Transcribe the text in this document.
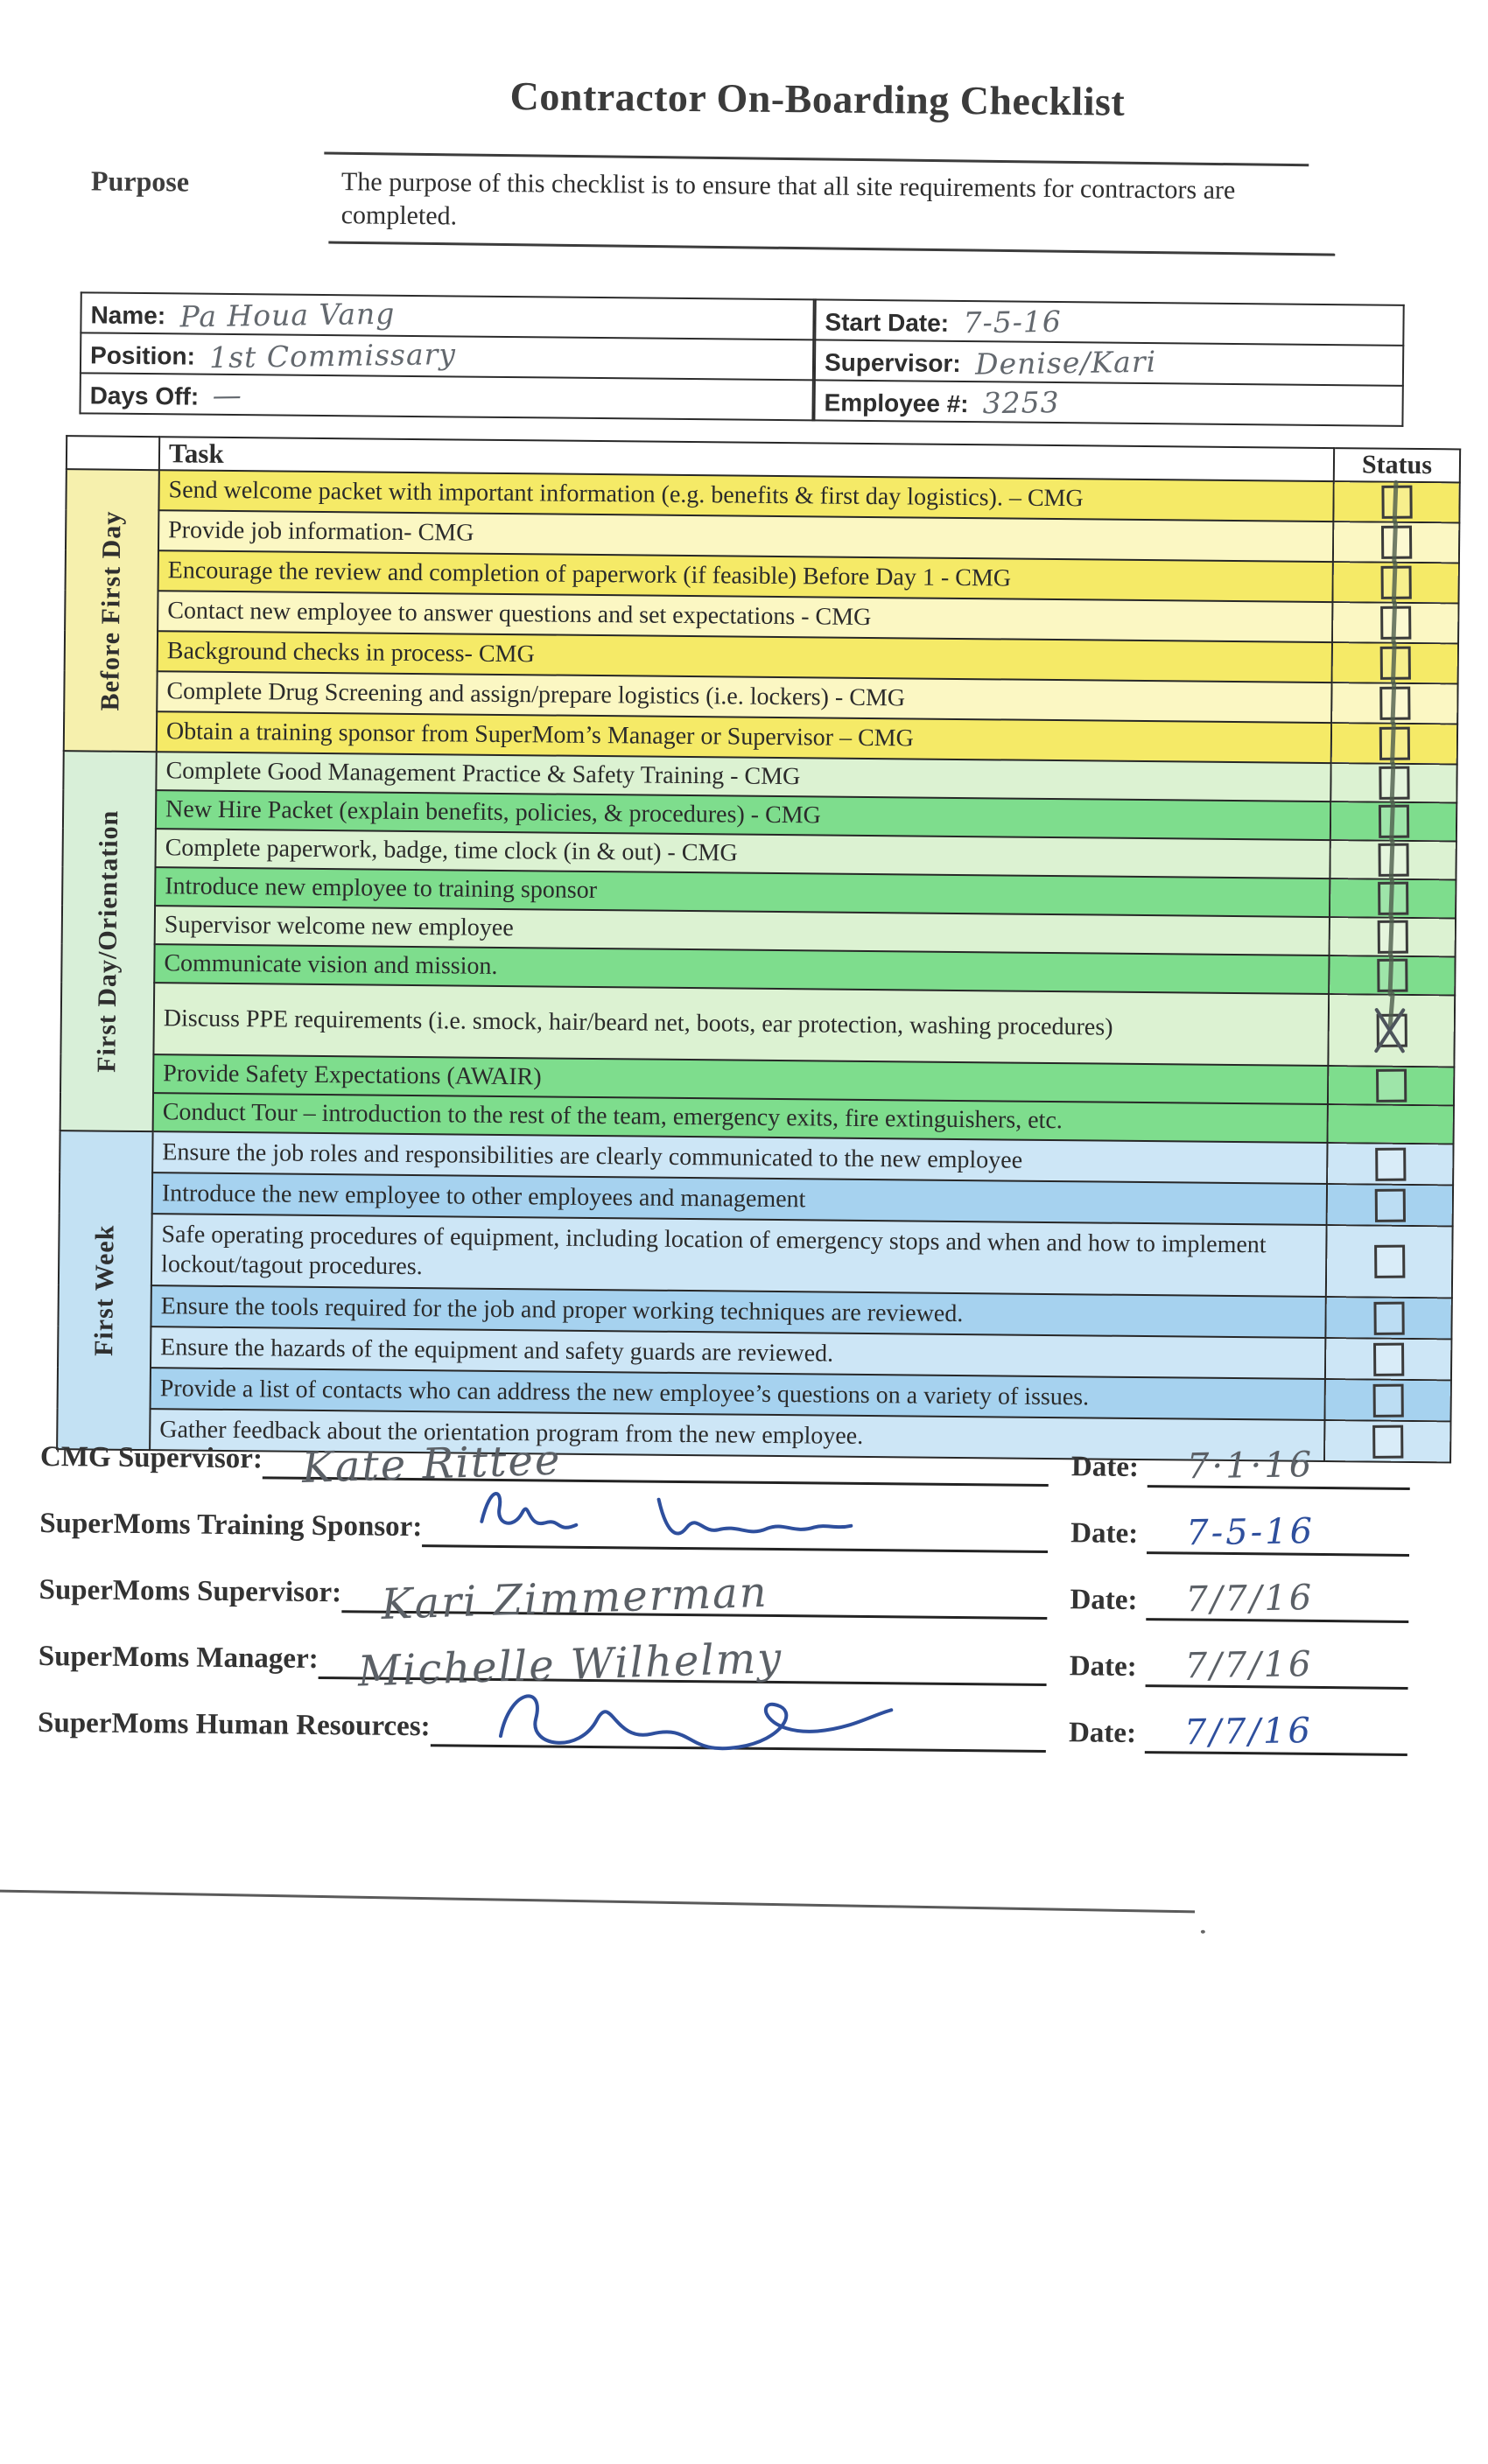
Contractor On-Boarding Checklist
Purpose	The purpose of this checklist is to ensure that all site requirements for contractors are completed.
Name: Pa Houa Vang
Position: 1st Commissary
Days Off: —
Start Date: 7-5-16
Supervisor: Denise/Kari
Employee #: 3253
	Task	Status

Before First Day	Send welcome packet with important information (e.g. benefits & first day logistics). – CMG	

	Provide job information- CMG	

	Encourage the review and completion of paperwork (if feasible) Before Day 1 - CMG	

	Contact new employee to answer questions and set expectations - CMG	

	Background checks in process- CMG	

	Complete Drug Screening and assign/prepare logistics (i.e. lockers) - CMG	

	Obtain a training sponsor from SuperMom’s Manager or Supervisor – CMG	

First Day/Orientation	Complete Good Management Practice & Safety Training - CMG	

	New Hire Packet (explain benefits, policies, & procedures) - CMG	

	Complete paperwork, badge, time clock (in & out) - CMG	

	Introduce new employee to training sponsor	

	Supervisor welcome new employee	

	Communicate vision and mission.	

	Discuss PPE requirements (i.e. smock, hair/beard net, boots, ear protection, washing procedures)	

	Provide Safety Expectations (AWAIR)	
	Conduct Tour – introduction to the rest of the team, emergency exits, fire extinguishers, etc.	

First Week	Ensure the job roles and responsibilities are clearly communicated to the new employee	
	Introduce the new employee to other employees and management	
	Safe operating procedures of equipment, including location of emergency stops and when and how to implement lockout/tagout procedures.	
	Ensure the tools required for the job and proper working techniques are reviewed.	
	Ensure the hazards of the equipment and safety guards are reviewed.	
	Provide a list of contacts who can address the new employee’s questions on a variety of issues.	
	Gather feedback about the orientation program from the new employee.	
CMG Supervisor: Kate Rittee	Date: 7·1·16
SuperMoms Training Sponsor:	Date: 7-5-16
SuperMoms Supervisor: Kari Zimmerman	Date: 7/7/16
SuperMoms Manager: Michelle Wilhelmy	Date: 7/7/16
SuperMoms Human Resources:	Date: 7/7/16
